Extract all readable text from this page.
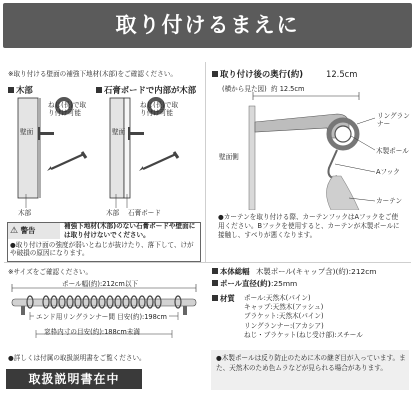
取り付けるまえに
※取り付ける壁面の補強下地材(木部)をご確認ください。
木部	石膏ボードで内部が木部
ねじ(長)で取り付け可能
ねじ(長)で取り付け可能
壁面	壁面
木部	木部 石膏ボード
⚠ 警告	補強下地材(木部)のない石膏ボードや壁面には取り付けないでください。
●取り付け面の強度が弱いとねじが抜けたり、落下して、けがや破損の原因になります。
取り付け後の奥行(約)	12.5cm
(横から見た図) 約 12.5cm
リングランナー
木製ポール
Aフック
カーテン
壁面側
●カーテンを取り付ける際、カーテンフックはAフックをご使用ください。Bフックを使用すると、カーテンが木製ポールに接触し、すべりが悪くなります。
※サイズをご確認ください。
ポール幅(約):212cm以下
エンド用リングランナー間 目安(約):198cm
窓枠内寸の目安(約):188cm未満
本体総幅 木製ポール(キャップ含)(約):212cm
ポール直径(約):25mm
材質 ポール:天然木(パイン)
キャップ:天然木(アッシュ)
ブラケット:天然木(パイン)
リングランナー:(アカシア)
ねじ・ブラケット(ねじ受け部):スチール
●木製ポールは反り防止のために木の継ぎ目が入っています。また、天然木のため色ムラなどが見られる場合があります。
●詳しくは付属の取扱説明書をご覧ください。
取扱説明書在中
